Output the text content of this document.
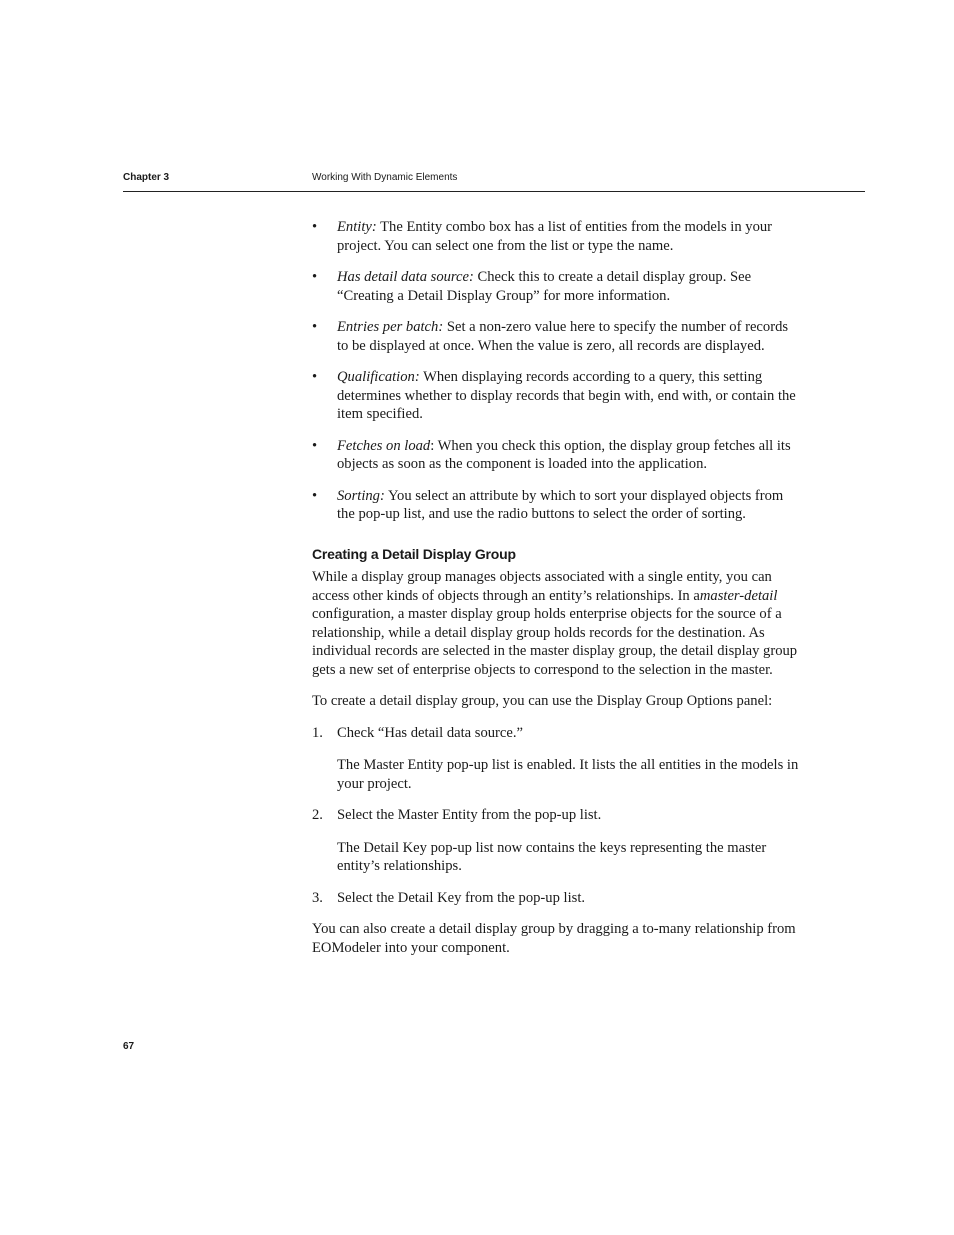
Chapter 3	Working With Dynamic Elements
• Entity: The Entity combo box has a list of entities from the models in your project. You can select one from the list or type the name.
• Has detail data source: Check this to create a detail display group. See “Creating a Detail Display Group” for more information.
• Entries per batch: Set a non-zero value here to specify the number of records to be displayed at once. When the value is zero, all records are displayed.
• Qualification: When displaying records according to a query, this setting determines whether to display records that begin with, end with, or contain the item specified.
• Fetches on load: When you check this option, the display group fetches all its objects as soon as the component is loaded into the application.
• Sorting: You select an attribute by which to sort your displayed objects from the pop-up list, and use the radio buttons to select the order of sorting.
Creating a Detail Display Group

While a display group manages objects associated with a single entity, you can access other kinds of objects through an entity’s relationships. In amaster-detail configuration, a master display group holds enterprise objects for the source of a relationship, while a detail display group holds records for the destination. As individual records are selected in the master display group, the detail display group gets a new set of enterprise objects to correspond to the selection in the master.

To create a detail display group, you can use the Display Group Options panel:

1. Check “Has detail data source.”
The Master Entity pop-up list is enabled. It lists the all entities in the models in your project.
2. Select the Master Entity from the pop-up list.
The Detail Key pop-up list now contains the keys representing the master entity’s relationships.
3. Select the Detail Key from the pop-up list.

You can also create a detail display group by dragging a to-many relationship from EOModeler into your component.

67
